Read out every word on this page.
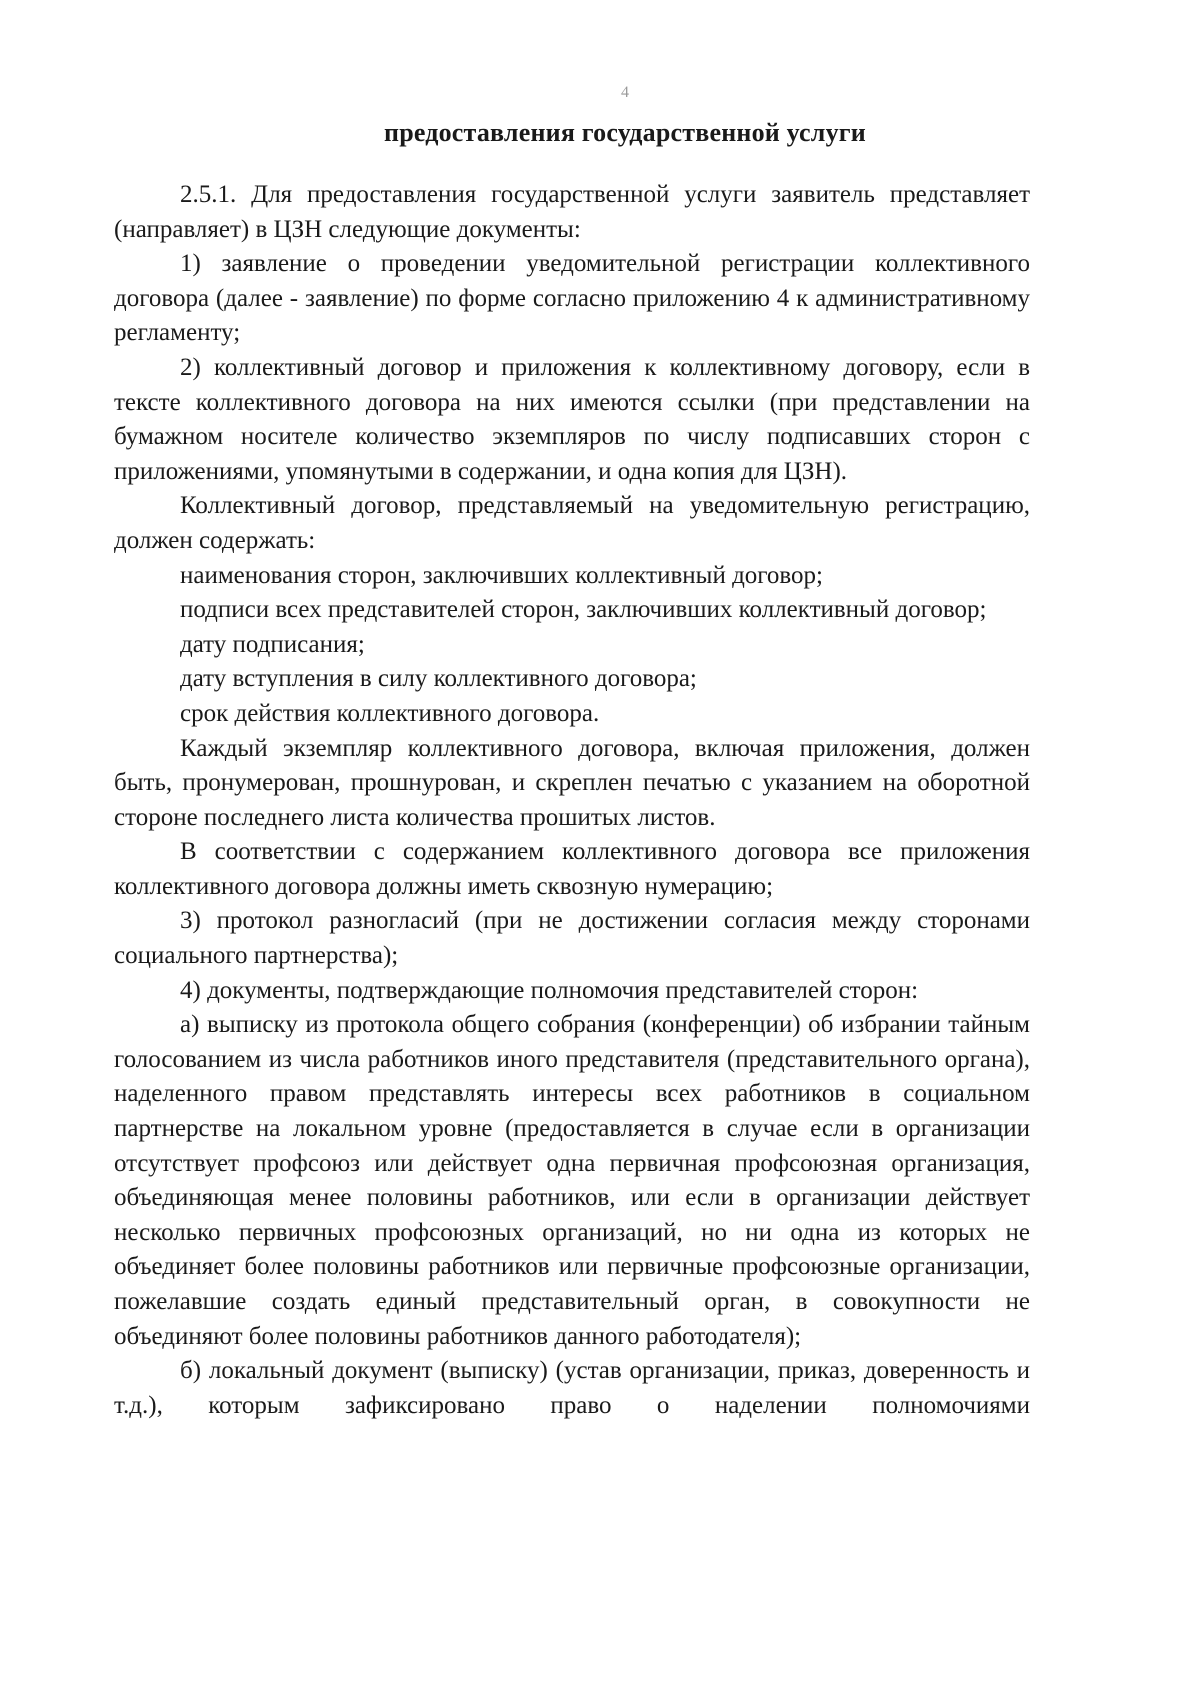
4
предоставления государственной услуги

2.5.1. Для предоставления государственной услуги заявитель представляет (направляет) в ЦЗН следующие документы:

1) заявление о проведении уведомительной регистрации коллективного договора (далее - заявление) по форме согласно приложению 4 к административному регламенту;

2) коллективный договор и приложения к коллективному договору, если в тексте коллективного договора на них имеются ссылки (при представлении на бумажном носителе количество экземпляров по числу подписавших сторон с приложениями, упомянутыми в содержании, и одна копия для ЦЗН).

Коллективный договор, представляемый на уведомительную регистрацию, должен содержать:

наименования сторон, заключивших коллективный договор;

подписи всех представителей сторон, заключивших коллективный договор;

дату подписания;

дату вступления в силу коллективного договора;

срок действия коллективного договора.

Каждый экземпляр коллективного договора, включая приложения, должен быть, пронумерован, прошнурован, и скреплен печатью с указанием на оборотной стороне последнего листа количества прошитых листов.

В соответствии с содержанием коллективного договора все приложения коллективного договора должны иметь сквозную нумерацию;

3) протокол разногласий (при не достижении согласия между сторонами социального партнерства);

4) документы, подтверждающие полномочия представителей сторон:

а) выписку из протокола общего собрания (конференции) об избрании тайным голосованием из числа работников иного представителя (представительного органа), наделенного правом представлять интересы всех работников в социальном партнерстве на локальном уровне (предоставляется в случае если в организации отсутствует профсоюз или действует одна первичная профсоюзная организация, объединяющая менее половины работников, или если в организации действует несколько первичных профсоюзных организаций, но ни одна из которых не объединяет более половины работников или первичные профсоюзные организации, пожелавшие создать единый представительный орган, в совокупности не объединяют более половины работников данного работодателя);

б) локальный документ (выписку) (устав организации, приказ, доверенность и т.д.), которым зафиксировано право о наделении полномочиями
